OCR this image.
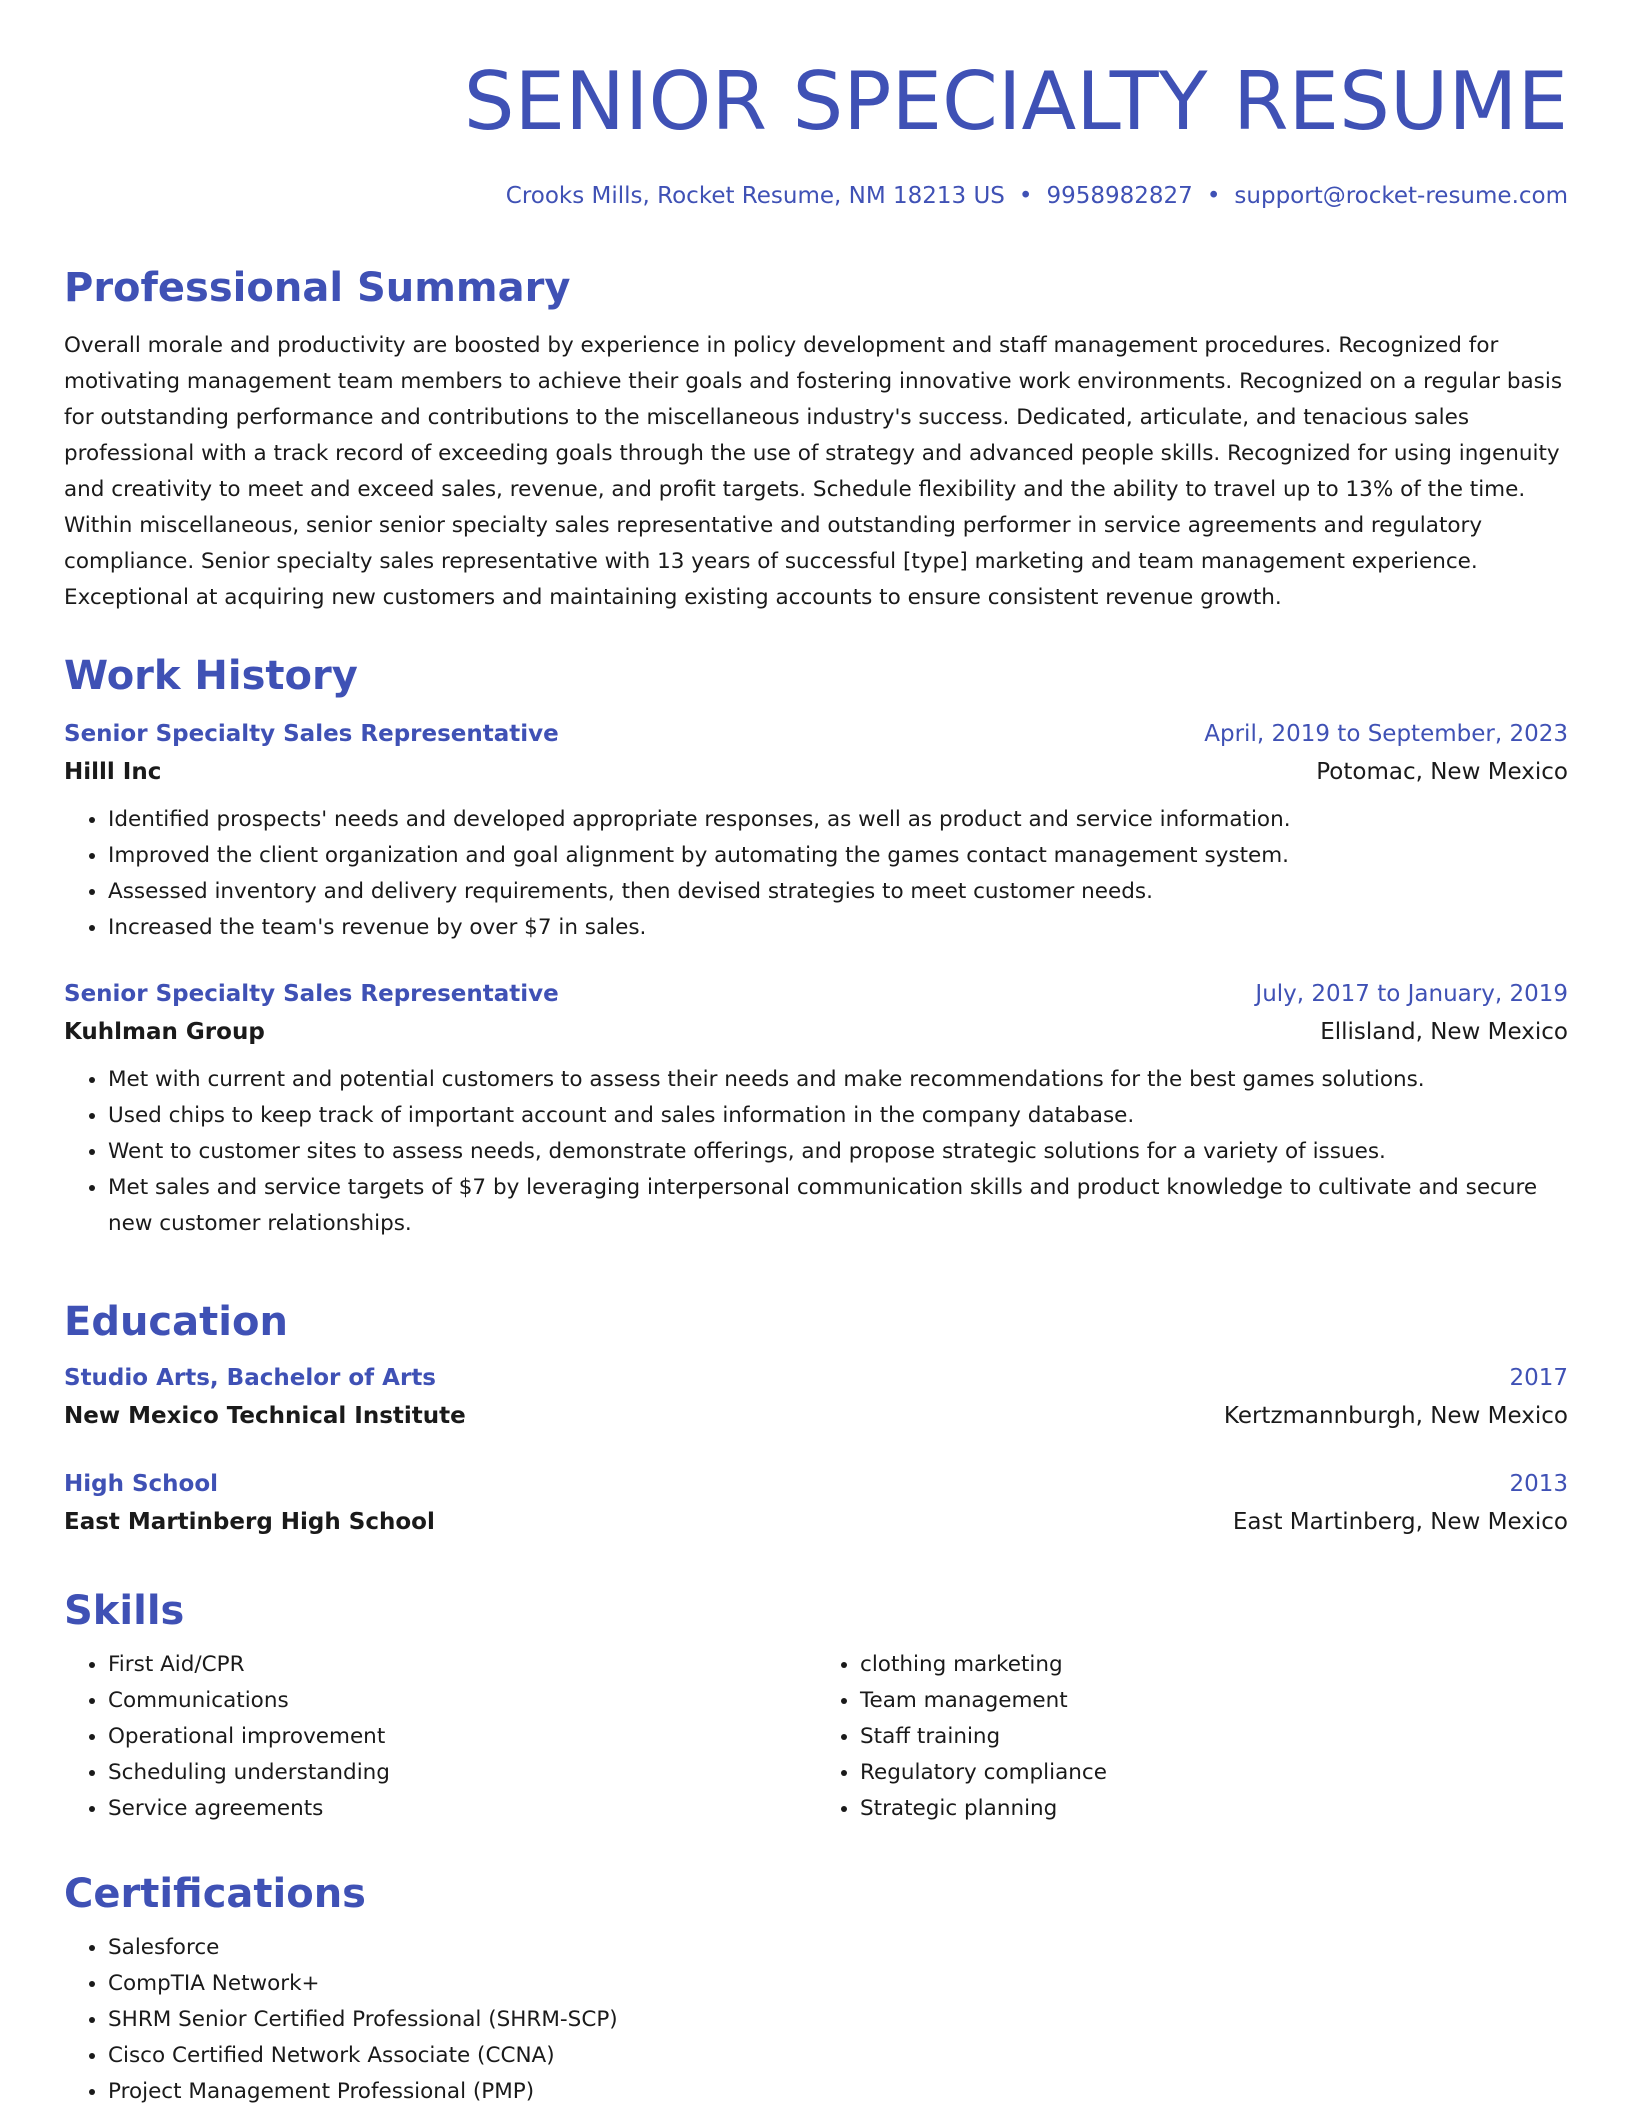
SENIOR SPECIALTY RESUME
Crooks Mills, Rocket Resume, NM 18213 US • 9958982827 • support@rocket-resume.com
Professional Summary
Overall morale and productivity are boosted by experience in policy development and staff management procedures. Recognized for motivating management team members to achieve their goals and fostering innovative work environments. Recognized on a regular basis for outstanding performance and contributions to the miscellaneous industry's success. Dedicated, articulate, and tenacious sales professional with a track record of exceeding goals through the use of strategy and advanced people skills. Recognized for using ingenuity and creativity to meet and exceed sales, revenue, and profit targets. Schedule flexibility and the ability to travel up to 13% of the time. Within miscellaneous, senior senior specialty sales representative and outstanding performer in service agreements and regulatory compliance. Senior specialty sales representative with 13 years of successful [type] marketing and team management experience. Exceptional at acquiring new customers and maintaining existing accounts to ensure consistent revenue growth.
Work History
Senior Specialty Sales Representative	April, 2019 to September, 2023
Hilll Inc	Potomac, New Mexico
• Identified prospects' needs and developed appropriate responses, as well as product and service information.
• Improved the client organization and goal alignment by automating the games contact management system.
• Assessed inventory and delivery requirements, then devised strategies to meet customer needs.
• Increased the team's revenue by over $7 in sales.
Senior Specialty Sales Representative	July, 2017 to January, 2019
Kuhlman Group	Ellisland, New Mexico
• Met with current and potential customers to assess their needs and make recommendations for the best games solutions.
• Used chips to keep track of important account and sales information in the company database.
• Went to customer sites to assess needs, demonstrate offerings, and propose strategic solutions for a variety of issues.
• Met sales and service targets of $7 by leveraging interpersonal communication skills and product knowledge to cultivate and secure new customer relationships.
Education
Studio Arts, Bachelor of Arts	2017
New Mexico Technical Institute	Kertzmannburgh, New Mexico
High School	2013
East Martinberg High School	East Martinberg, New Mexico
Skills
• First Aid/CPR
• Communications
• Operational improvement
• Scheduling understanding
• Service agreements
• clothing marketing
• Team management
• Staff training
• Regulatory compliance
• Strategic planning
Certifications
• Salesforce
• CompTIA Network+
• SHRM Senior Certified Professional (SHRM-SCP)
• Cisco Certified Network Associate (CCNA)
• Project Management Professional (PMP)
